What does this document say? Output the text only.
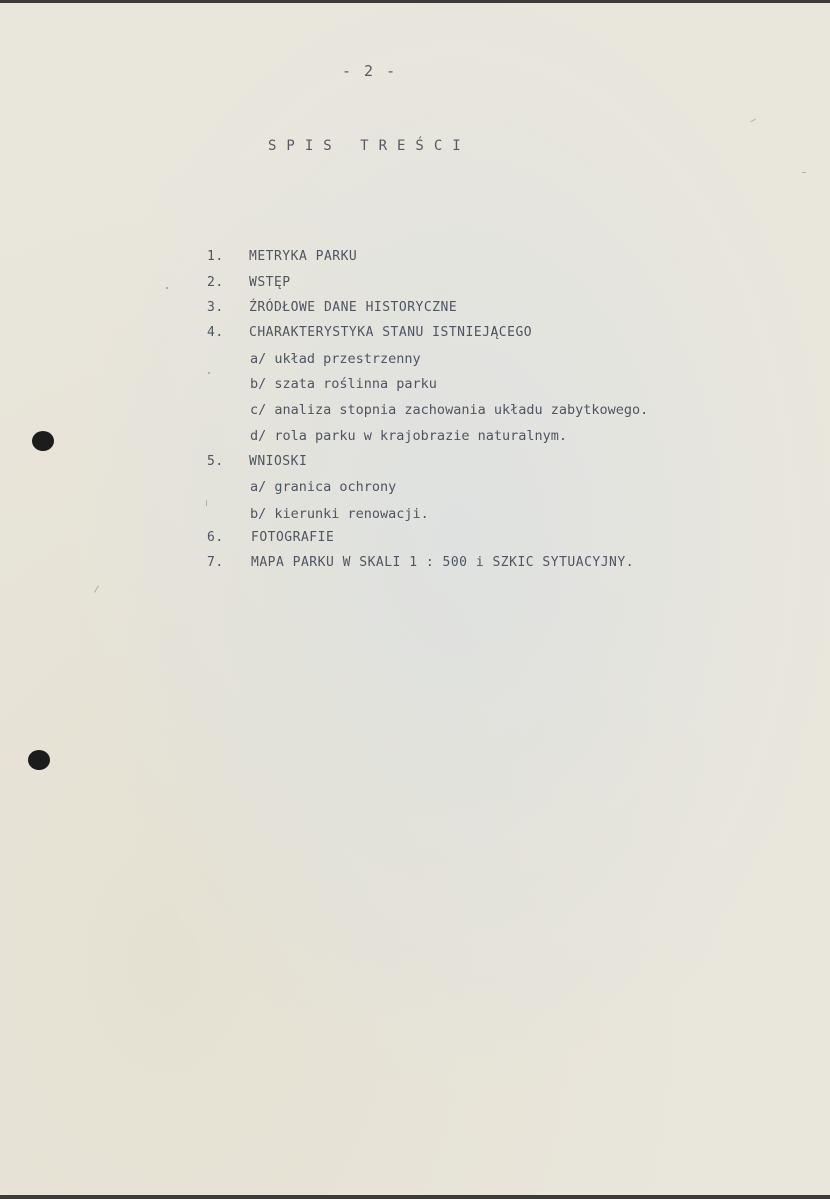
- 2 -
SPIS TREŚCI
1.	METRYKA PARKU
2.	WSTĘP
3.	ŹRÓDŁOWE DANE HISTORYCZNE
4.	CHARAKTERYSTYKA STANU ISTNIEJĄCEGO
a/ układ przestrzenny
b/ szata roślinna parku
c/ analiza stopnia zachowania układu zabytkowego.
d/ rola parku w krajobrazie naturalnym.
5.	WNIOSKI
a/ granica ochrony
b/ kierunki renowacji.
6.	FOTOGRAFIE
7.	MAPA PARKU W SKALI 1 : 500 i SZKIC SYTUACYJNY.
